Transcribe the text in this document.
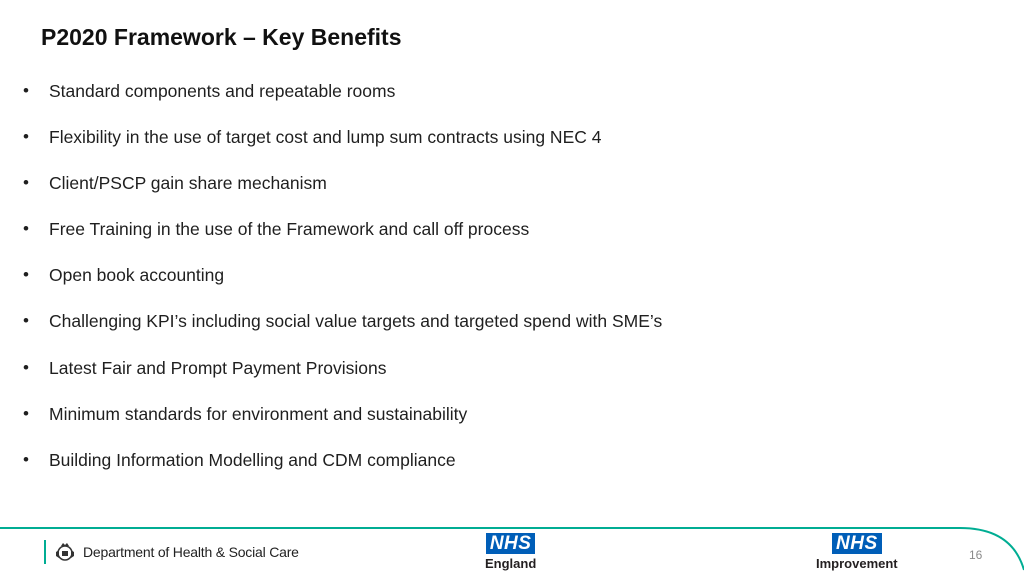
P2020 Framework – Key Benefits
• Standard components and repeatable rooms
• Flexibility in the use of target cost and lump sum contracts using NEC 4
• Client/PSCP gain share mechanism
• Free Training in the use of the Framework and call off process
• Open book accounting
• Challenging KPI’s including social value targets and targeted spend with SME’s
• Latest Fair and Prompt Payment Provisions
• Minimum standards for environment and sustainability
• Building Information Modelling and CDM compliance
Department of Health & Social Care	NHS
England
NHS
Improvement
16
